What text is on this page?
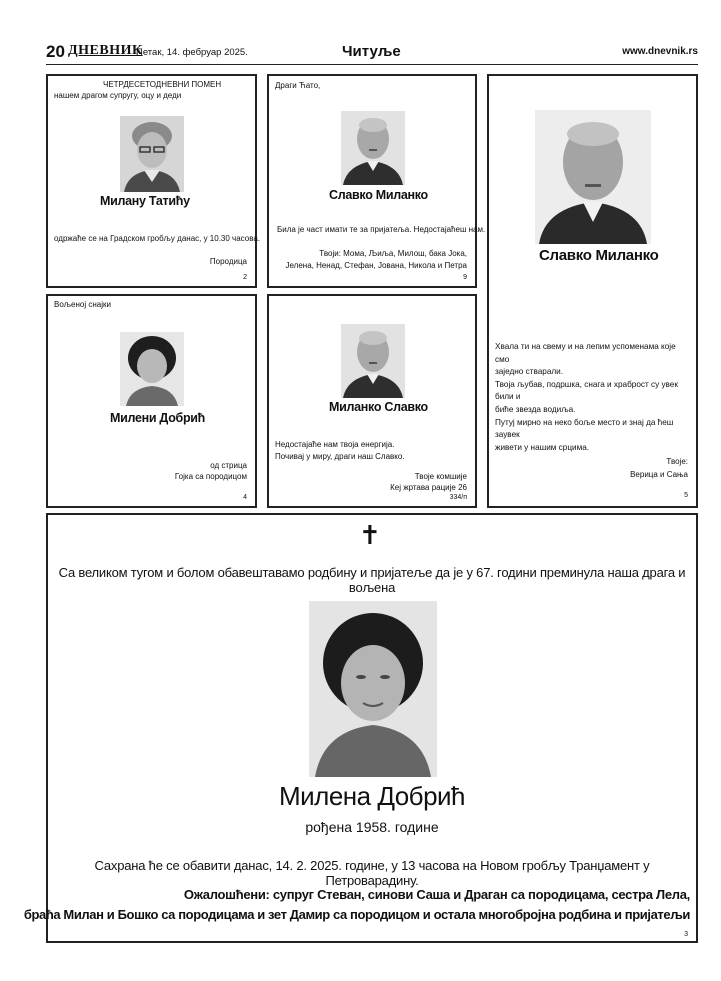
20 ДНЕВНИК
Петак, 14. фебруар 2025.	Читуље	www.dnevnik.rs
ЧЕТРДЕСЕТОДНЕВНИ ПОМЕН
нашем драгом супругу, оцу и деди
Милану Татићу
одржаће се на Градском гробљу данас, у 10.30 часова.
Породица
2
Драги Ћато,
Славко Миланко
Била је част имати те за пријатеља. Недостајаћеш нам.
Твоји: Мома, Љиља, Милош, бака Јока,
Јелена, Ненад, Стефан, Јована, Никола и Петра
9
Славко Миланко
Хвала ти на свему и на лепим успоменама које смо
заједно стварали.
Твоја љубав, подршка, снага и храброст су увек били и
биће звезда водиља.
Путуј мирно на неко боље место и знај да ћеш заувек
живети у нашим срцима.
Твоје:
Верица и Сања
5
Вољеној снајки
Милени Добрић
од стрица
Гојка са породицом
4
Миланко Славко
Недостајаће нам твоја енергија.
Почивај у миру, драги наш Славко.
Твоје комшије
Кеј жртава рације 26
334/п
✝
Са великом тугом и болом обавештавамо родбину и пријатеље да је у 67. години преминула наша драга и вољена
Милена Добрић
рођена 1958. године
Сахрана ће се обавити данас, 14. 2. 2025. године, у 13 часова на Новом гробљу Транџамент у Петроварадину.
Ожалошћени: супруг Стеван, синови Саша и Драган са породицама, сестра Лела,
браћа Милан и Бошко са породицама и зет Дамир са породицом и остала многобројна родбина и пријатељи
3
